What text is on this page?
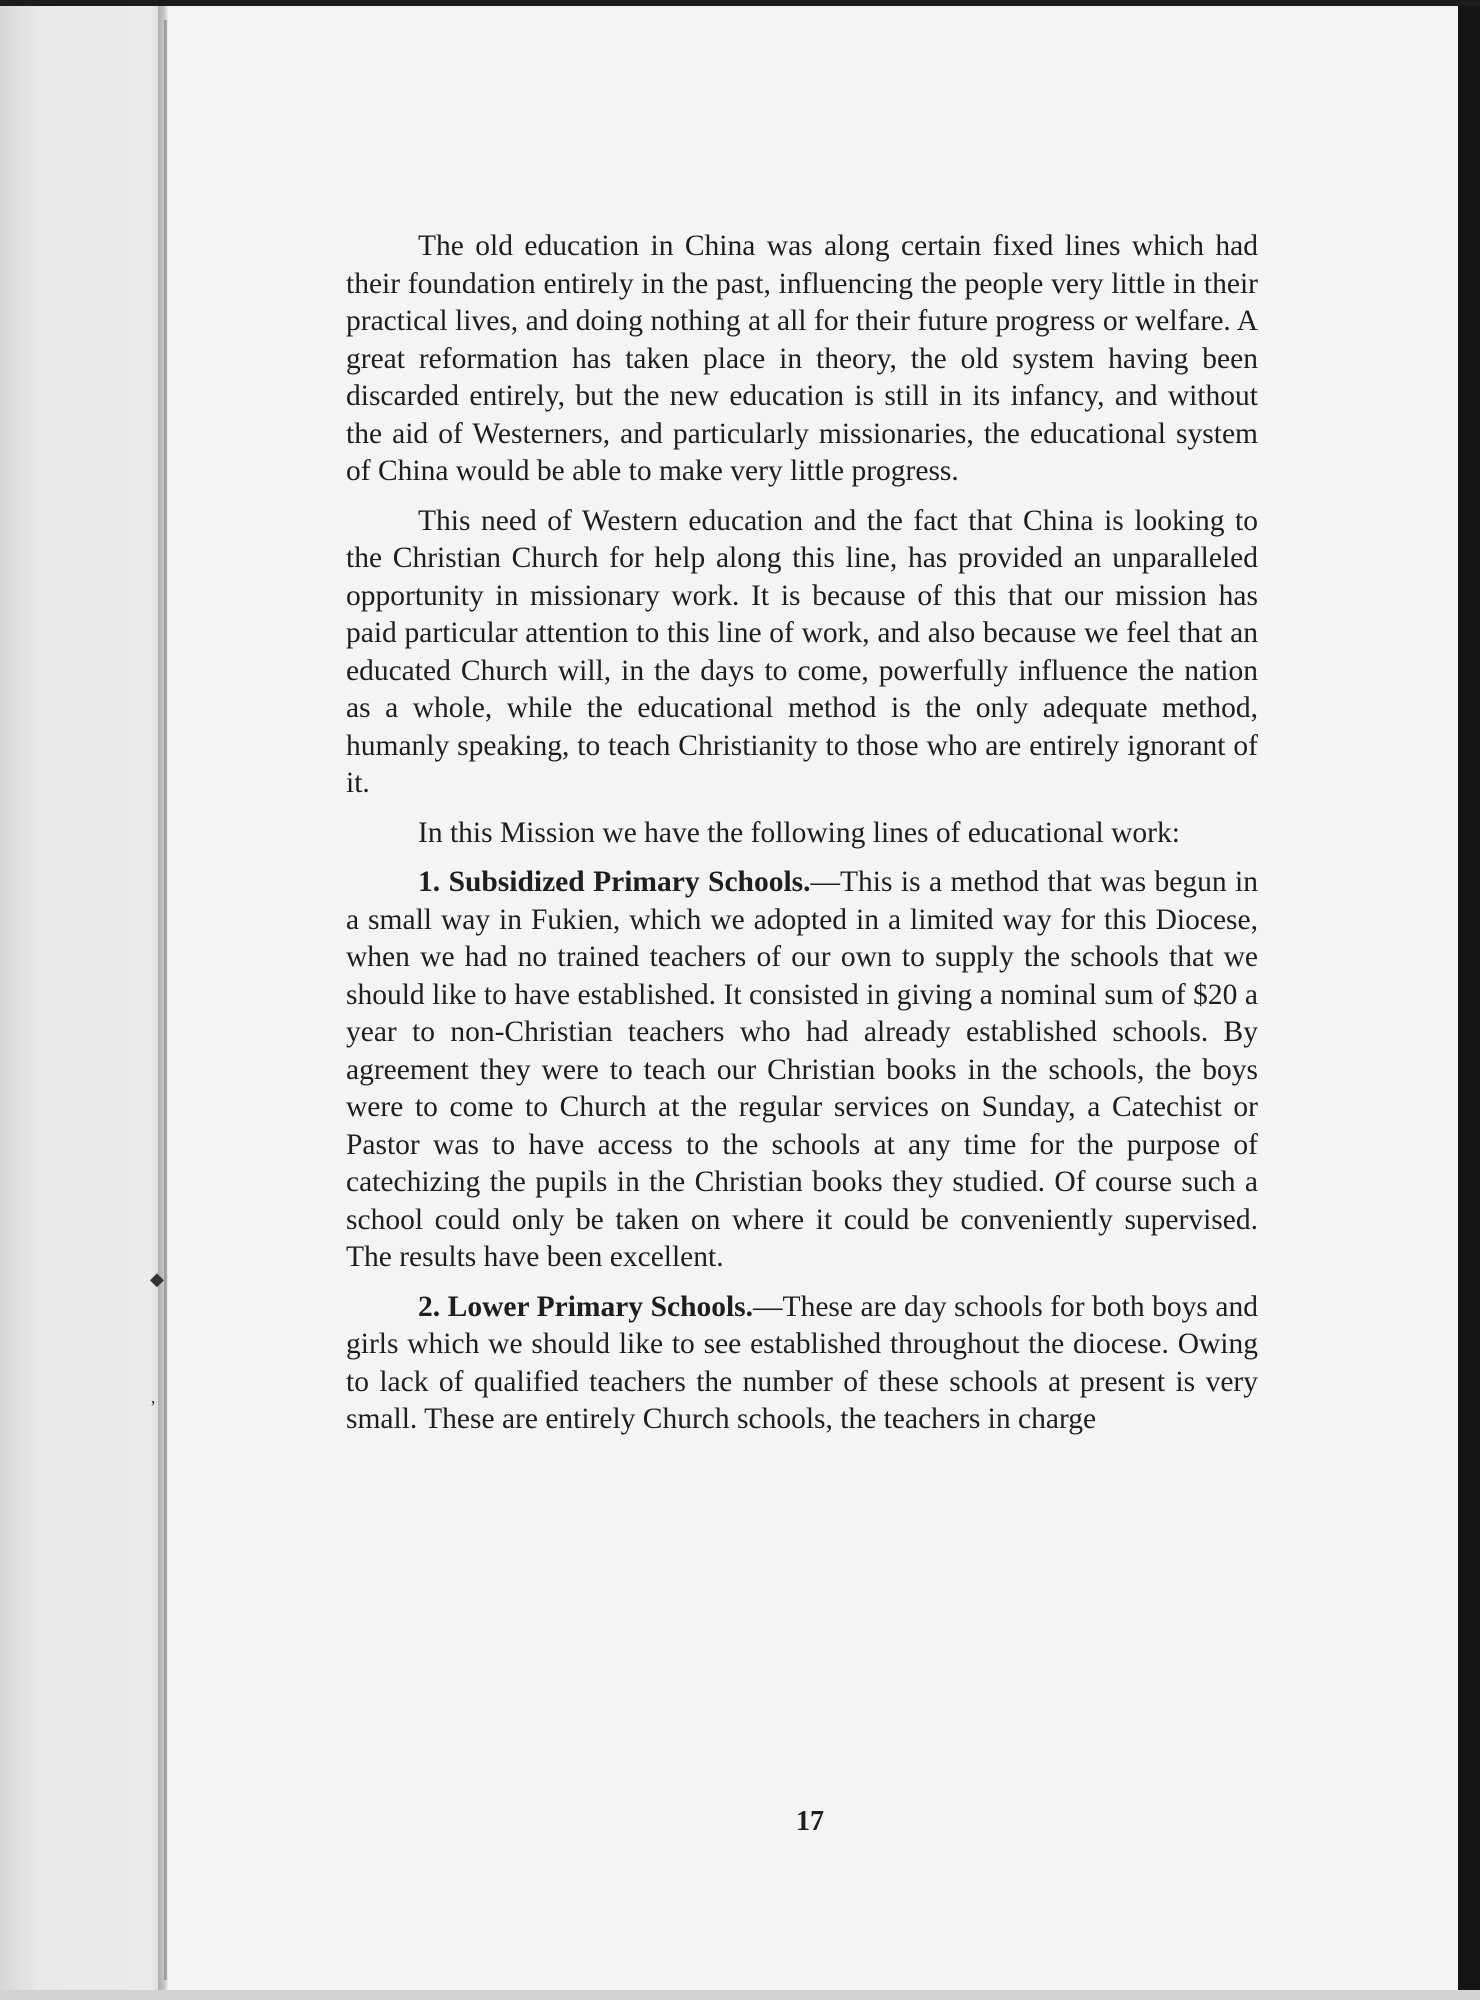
◆
’

The old education in China was along certain fixed lines which had their foundation entirely in the past, influencing the people very little in their practical lives, and doing nothing at all for their future progress or welfare. A great reformation has taken place in theory, the old system having been discarded entirely, but the new education is still in its infancy, and without the aid of Westerners, and particularly missionaries, the educational system of China would be able to make very little progress.

This need of Western education and the fact that China is looking to the Christian Church for help along this line, has provided an unparalleled opportunity in missionary work. It is because of this that our mission has paid particular attention to this line of work, and also because we feel that an educated Church will, in the days to come, powerfully influence the nation as a whole, while the educational method is the only adequate method, humanly speaking, to teach Christianity to those who are entirely ignorant of it.

In this Mission we have the following lines of educational work:

1. Subsidized Primary Schools.—This is a method that was begun in a small way in Fukien, which we adopted in a limited way for this Diocese, when we had no trained teachers of our own to supply the schools that we should like to have established. It consisted in giving a nominal sum of $20 a year to non-Christian teachers who had already established schools. By agreement they were to teach our Christian books in the schools, the boys were to come to Church at the regular services on Sunday, a Catechist or Pastor was to have access to the schools at any time for the purpose of catechizing the pupils in the Christian books they studied. Of course such a school could only be taken on where it could be conveniently supervised. The results have been excellent.

2. Lower Primary Schools.—These are day schools for both boys and girls which we should like to see established throughout the diocese. Owing to lack of qualified teachers the number of these schools at present is very small. These are entirely Church schools, the teachers in charge

17
